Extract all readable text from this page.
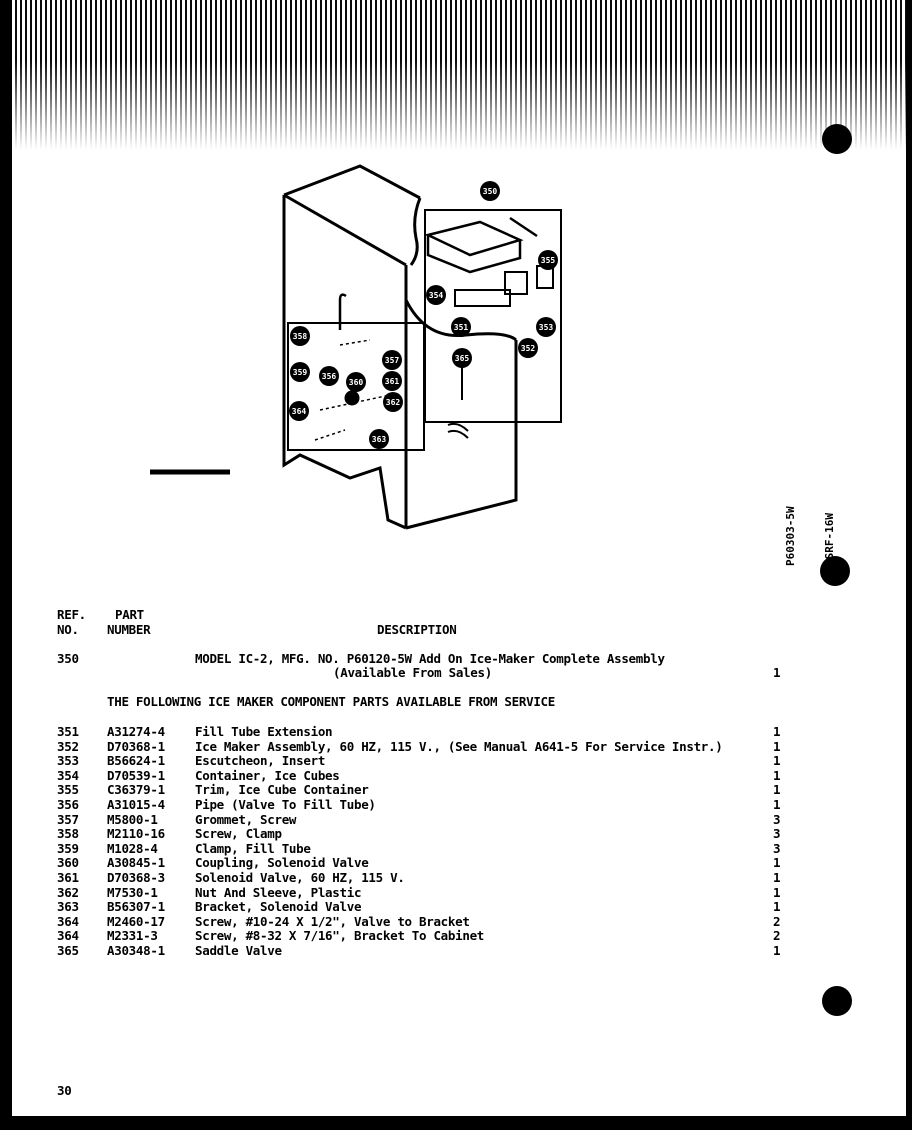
350
355
354
351	353
352
365
358
357
359 356
360	361
362
364
363

P60303-5W

ESRF-16W

REF.
NO.
PART
NUMBER	DESCRIPTION
350	MODEL IC-2, MFG. NO. P60120-5W Add On Ice-Maker Complete Assembly
(Available From Sales)	1
THE FOLLOWING ICE MAKER COMPONENT PARTS AVAILABLE FROM SERVICE
351 A31274-4 Fill Tube Extension	1
352 D70368-1 Ice Maker Assembly, 60 HZ, 115 V., (See Manual A641-5 For Service Instr.)	1
353 B56624-1 Escutcheon, Insert	1
354 D70539-1 Container, Ice Cubes	1
355 C36379-1 Trim, Ice Cube Container	1
356 A31015-4 Pipe (Valve To Fill Tube)	1
357 M5800-1	Grommet, Screw	3
358 M2110-16 Screw, Clamp	3
359 M1028-4	Clamp, Fill Tube	3
360 A30845-1 Coupling, Solenoid Valve	1
361 D70368-3 Solenoid Valve, 60 HZ, 115 V.	1
362 M7530-1	Nut And Sleeve, Plastic	1
363 B56307-1 Bracket, Solenoid Valve	1
364 M2460-17 Screw, #10-24 X 1/2", Valve to Bracket	2
364 M2331-3	Screw, #8-32 X 7/16", Bracket To Cabinet	2
365 A30348-1 Saddle Valve	1
30
